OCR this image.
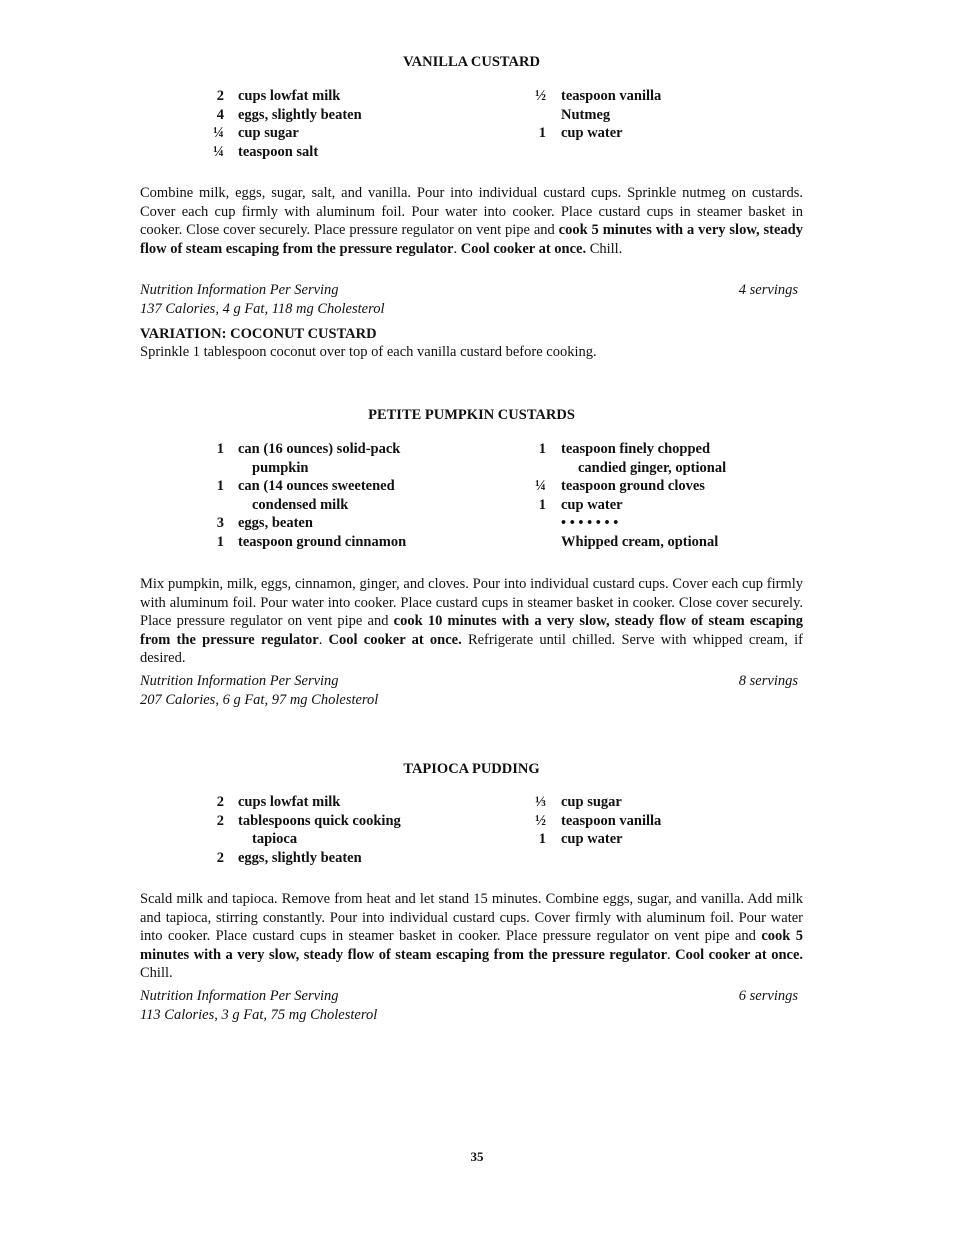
VANILLA CUSTARD
2 cups lowfat milk
4 eggs, slightly beaten
¼ cup sugar
¼ teaspoon salt
½ teaspoon vanilla
Nutmeg
1 cup water
Combine milk, eggs, sugar, salt, and vanilla. Pour into individual custard cups. Sprinkle nutmeg on custards. Cover each cup firmly with aluminum foil. Pour water into cooker. Place custard cups in steamer basket in cooker. Close cover securely. Place pressure regulator on vent pipe and cook 5 minutes with a very slow, steady flow of steam escaping from the pressure regulator. Cool cooker at once. Chill.
Nutrition Information Per Serving	4 servings
137 Calories, 4 g Fat, 118 mg Cholesterol
VARIATION: COCONUT CUSTARD
Sprinkle 1 tablespoon coconut over top of each vanilla custard before cooking.
PETITE PUMPKIN CUSTARDS
1 can (16 ounces) solid-pack
pumpkin
1 can (14 ounces sweetened
condensed milk
3 eggs, beaten
1 teaspoon ground cinnamon
1 teaspoon finely chopped
candied ginger, optional
¼ teaspoon ground cloves
1 cup water
• • • • • • •
Whipped cream, optional
Mix pumpkin, milk, eggs, cinnamon, ginger, and cloves. Pour into individual custard cups. Cover each cup firmly with aluminum foil. Pour water into cooker. Place custard cups in steamer basket in cooker. Close cover securely. Place pressure regulator on vent pipe and cook 10 minutes with a very slow, steady flow of steam escaping from the pressure regulator. Cool cooker at once. Refrigerate until chilled. Serve with whipped cream, if desired.
Nutrition Information Per Serving	8 servings
207 Calories, 6 g Fat, 97 mg Cholesterol
TAPIOCA PUDDING
2 cups lowfat milk
2 tablespoons quick cooking
tapioca
2 eggs, slightly beaten
⅓ cup sugar
½ teaspoon vanilla
1 cup water
Scald milk and tapioca. Remove from heat and let stand 15 minutes. Combine eggs, sugar, and vanilla. Add milk and tapioca, stirring constantly. Pour into individual custard cups. Cover firmly with aluminum foil. Pour water into cooker. Place custard cups in steamer basket in cooker. Place pressure regulator on vent pipe and cook 5 minutes with a very slow, steady flow of steam escaping from the pressure regulator. Cool cooker at once. Chill.
Nutrition Information Per Serving	6 servings
113 Calories, 3 g Fat, 75 mg Cholesterol
35
